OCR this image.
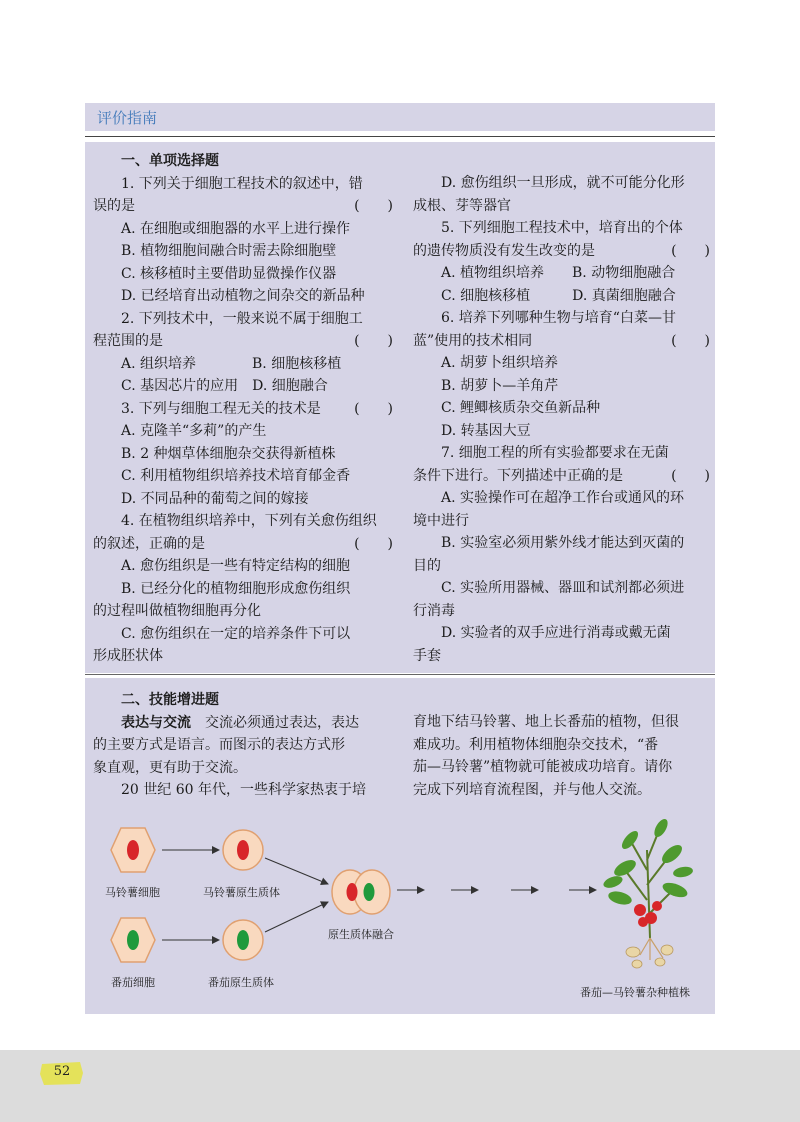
评价指南
一、单项选择题
1. 下列关于细胞工程技术的叙述中，错
误的是	(　　)
A. 在细胞或细胞器的水平上进行操作
B. 植物细胞间融合时需去除细胞壁
C. 核移植时主要借助显微操作仪器
D. 已经培育出动植物之间杂交的新品种
2. 下列技术中，一般来说不属于细胞工
程范围的是	(　　)
A. 组织培养　　　　B. 细胞核移植
C. 基因芯片的应用　D. 细胞融合
3. 下列与细胞工程无关的技术是 (　　)
A. 克隆羊“多莉”的产生
B. 2 种烟草体细胞杂交获得新植株
C. 利用植物组织培养技术培育郁金香
D. 不同品种的葡萄之间的嫁接
4. 在植物组织培养中，下列有关愈伤组织
的叙述，正确的是	(　　)
A. 愈伤组织是一些有特定结构的细胞
B. 已经分化的植物细胞形成愈伤组织
的过程叫做植物细胞再分化
C. 愈伤组织在一定的培养条件下可以
形成胚状体
D. 愈伤组织一旦形成，就不可能分化形
成根、芽等器官
5. 下列细胞工程技术中，培育出的个体
的遗传物质没有发生改变的是	(　　)
A. 植物组织培养　　B. 动物细胞融合
C. 细胞核移植　　　D. 真菌细胞融合
6. 培养下列哪种生物与培育“白菜—甘
蓝”使用的技术相同	(　　)
A. 胡萝卜组织培养
B. 胡萝卜—羊角芹
C. 鲤鲫核质杂交鱼新品种
D. 转基因大豆
7. 细胞工程的所有实验都要求在无菌
条件下进行。下列描述中正确的是	(　　)
A. 实验操作可在超净工作台或通风的环
境中进行
B. 实验室必须用紫外线才能达到灭菌的
目的
C. 实验所用器械、器皿和试剂都必须进
行消毒
D. 实验者的双手应进行消毒或戴无菌
手套
二、技能增进题
表达与交流　 交流必须通过表达，表达
的主要方式是语言。而图示的表达方式形
象直观，更有助于交流。
20 世纪 60 年代，一些科学家热衷于培
育地下结马铃薯、地上长番茄的植物，但很
难成功。利用植物体细胞杂交技术，“番
茄—马铃薯”植物就可能被成功培育。请你
完成下列培育流程图，并与他人交流。
马铃薯细胞	马铃薯原生质体
番茄细胞	番茄原生质体
原生质体融合
番茄—马铃薯杂种植株
52
